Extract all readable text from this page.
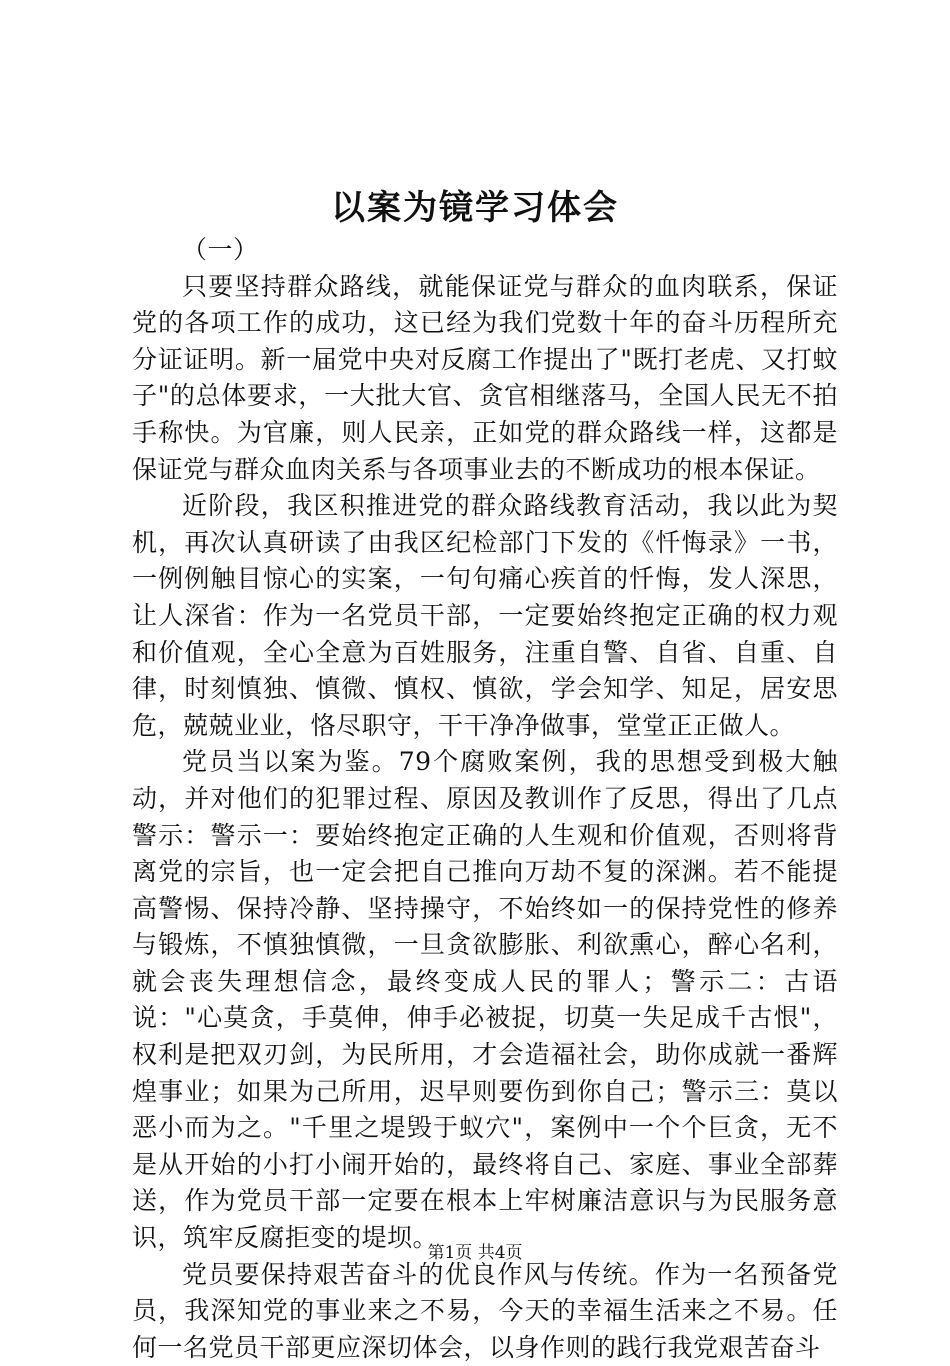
以案为镜学习体会

（一）

只要坚持群众路线，就能保证党与群众的血肉联系，保证党的各项工作的成功，这已经为我们党数十年的奋斗历程所充分证证明。新一届党中央对反腐工作提出了"既打老虎、又打蚊子"的总体要求，一大批大官、贪官相继落马，全国人民无不拍手称快。为官廉，则人民亲，正如党的群众路线一样，这都是保证党与群众血肉关系与各项事业去的不断成功的根本保证。

近阶段，我区积推进党的群众路线教育活动，我以此为契机，再次认真研读了由我区纪检部门下发的《忏悔录》一书，一例例触目惊心的实案，一句句痛心疾首的忏悔，发人深思，让人深省：作为一名党员干部，一定要始终抱定正确的权力观和价值观，全心全意为百姓服务，注重自警、自省、自重、自律，时刻慎独、慎微、慎权、慎欲，学会知学、知足，居安思危，兢兢业业，恪尽职守，干干净净做事，堂堂正正做人。

党员当以案为鉴。79个腐败案例，我的思想受到极大触动，并对他们的犯罪过程、原因及教训作了反思，得出了几点警示：警示一：要始终抱定正确的人生观和价值观，否则将背离党的宗旨，也一定会把自己推向万劫不复的深渊。若不能提高警惕、保持冷静、坚持操守，不始终如一的保持党性的修养与锻炼，不慎独慎微，一旦贪欲膨胀、利欲熏心，醉心名利，就会丧失理想信念，最终变成人民的罪人；警示二：古语说："心莫贪，手莫伸，伸手必被捉，切莫一失足成千古恨"，权利是把双刃剑，为民所用，才会造福社会，助你成就一番辉煌事业；如果为己所用，迟早则要伤到你自己；警示三：莫以恶小而为之。"千里之堤毁于蚁穴"，案例中一个个巨贪，无不是从开始的小打小闹开始的，最终将自己、家庭、事业全部葬送，作为党员干部一定要在根本上牢树廉洁意识与为民服务意识，筑牢反腐拒变的堤坝。

党员要保持艰苦奋斗的优良作风与传统。作为一名预备党员，我深知党的事业来之不易，今天的幸福生活来之不易。任何一名党员干部更应深切体会，以身作则的践行我党艰苦奋斗

第1页 共4页
